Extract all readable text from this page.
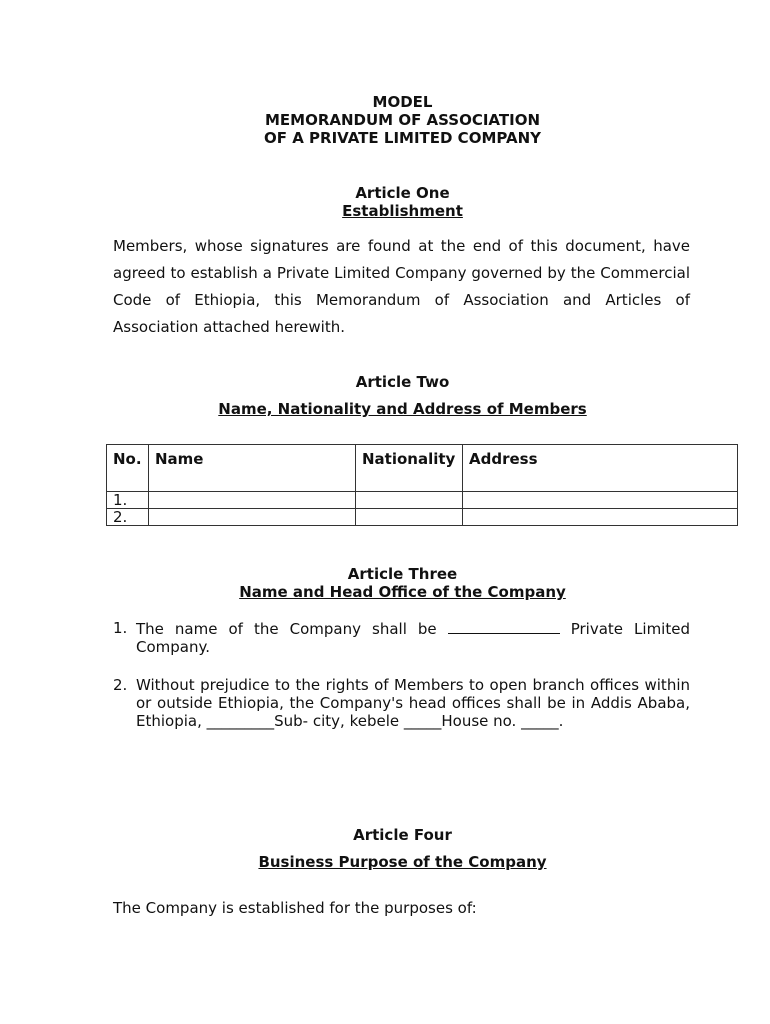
MODEL
MEMORANDUM OF ASSOCIATION
OF A PRIVATE LIMITED COMPANY
Article One
Establishment
Members, whose signatures are found at the end of this document, have agreed to establish a Private Limited Company governed by the Commercial Code of Ethiopia, this Memorandum of Association and Articles of Association attached herewith.
Article Two
Name, Nationality and Address of Members
No.	Name	Nationality	Address
1.			
2.			
Article Three
Name and Head Office of the Company
1. The name of the Company shall be	Private Limited Company.
2. Without prejudice to the rights of Members to open branch offices within or outside Ethiopia, the Company's head offices shall be in Addis Ababa, Ethiopia, _________Sub- city, kebele _____House no. _____.
Article Four
Business Purpose of the Company
The Company is established for the purposes of:
